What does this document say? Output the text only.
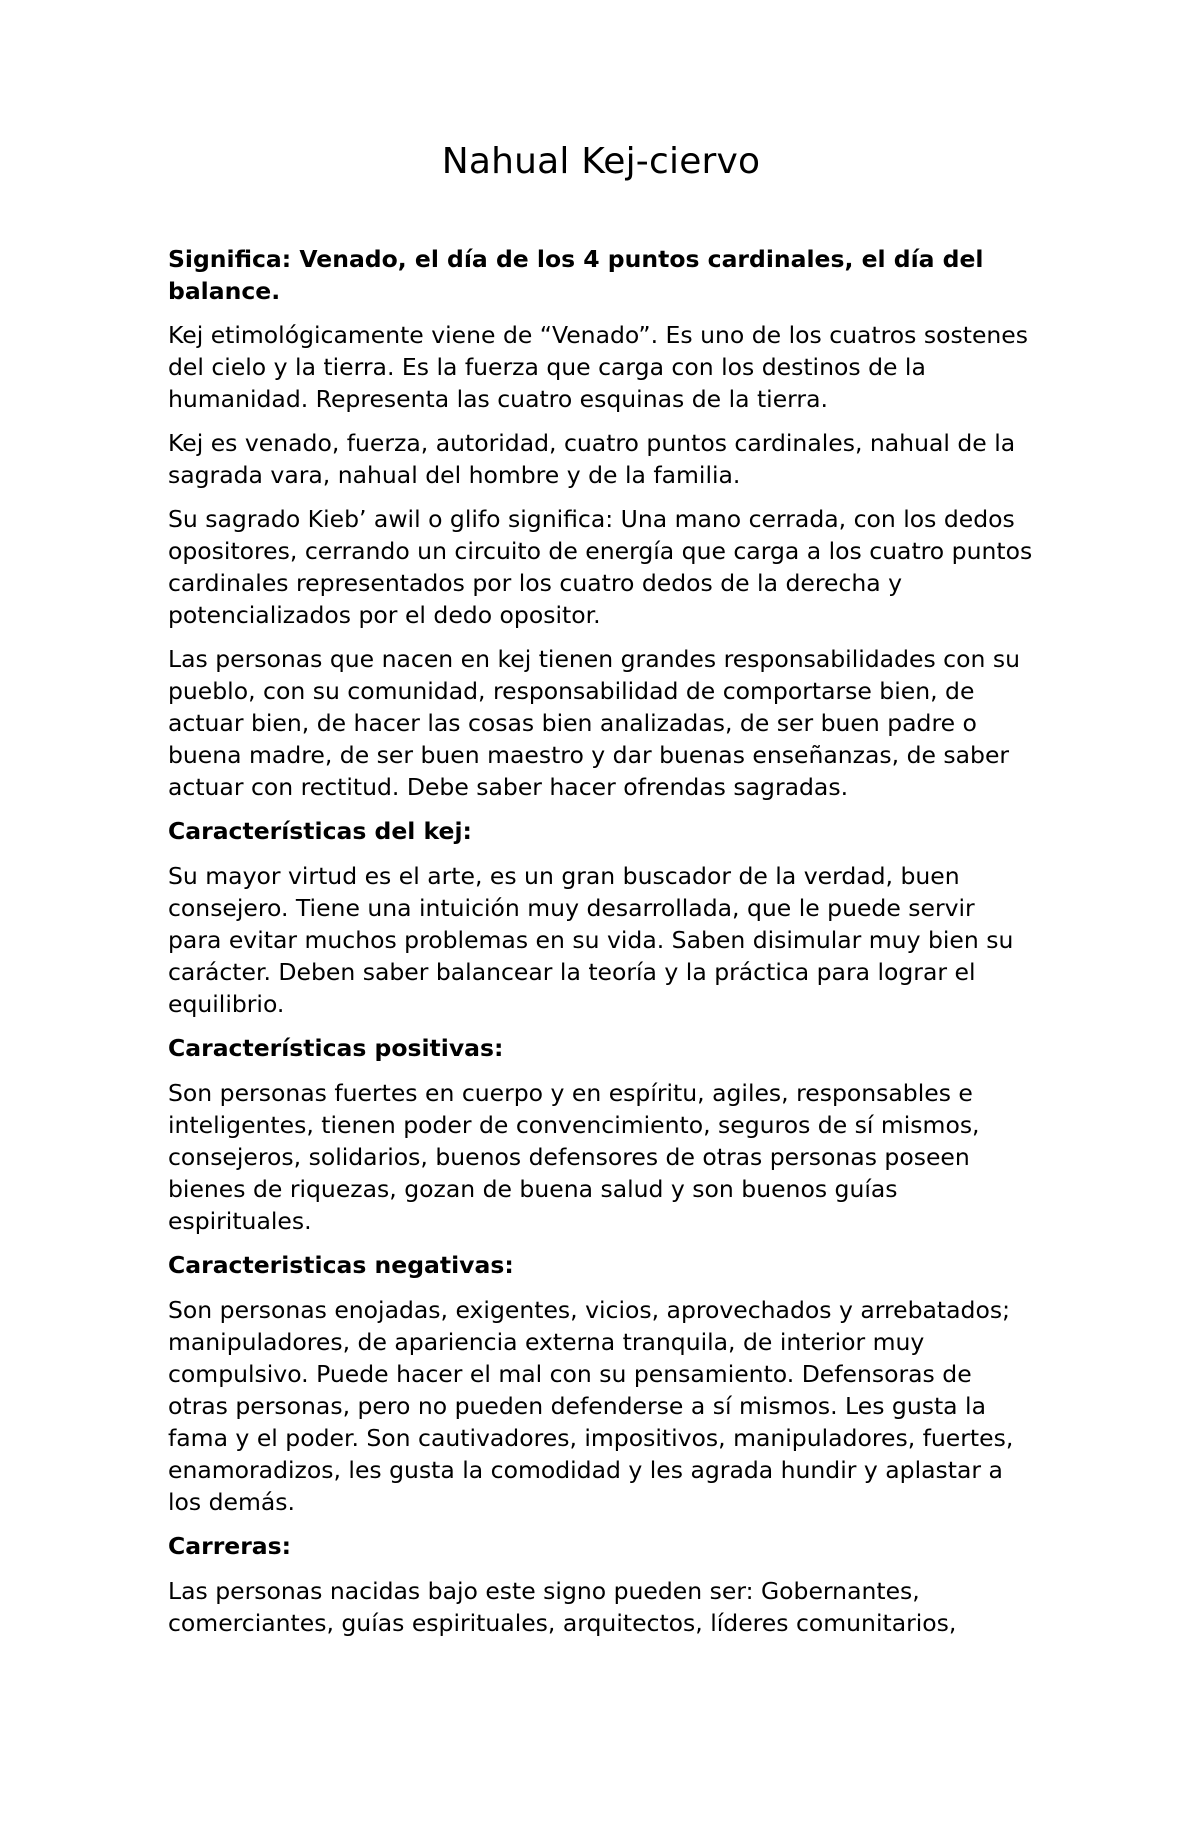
Nahual Kej-ciervo

Significa: Venado, el día de los 4 puntos cardinales, el día del balance.

Kej etimológicamente viene de “Venado”. Es uno de los cuatros sostenes del cielo y la tierra. Es la fuerza que carga con los destinos de la humanidad. Representa las cuatro esquinas de la tierra.

Kej es venado, fuerza, autoridad, cuatro puntos cardinales, nahual de la sagrada vara, nahual del hombre y de la familia.

Su sagrado Kieb’ awil o glifo significa: Una mano cerrada, con los dedos opositores, cerrando un circuito de energía que carga a los cuatro puntos cardinales representados por los cuatro dedos de la derecha y potencializados por el dedo opositor.

Las personas que nacen en kej tienen grandes responsabilidades con su pueblo, con su comunidad, responsabilidad de comportarse bien, de actuar bien, de hacer las cosas bien analizadas, de ser buen padre o buena madre, de ser buen maestro y dar buenas enseñanzas, de saber actuar con rectitud. Debe saber hacer ofrendas sagradas.

Características del kej:

Su mayor virtud es el arte, es un gran buscador de la verdad, buen consejero. Tiene una intuición muy desarrollada, que le puede servir para evitar muchos problemas en su vida. Saben disimular muy bien su carácter. Deben saber balancear la teoría y la práctica para lograr el equilibrio.

Características positivas:

Son personas fuertes en cuerpo y en espíritu, agiles, responsables e inteligentes, tienen poder de convencimiento, seguros de sí mismos, consejeros, solidarios, buenos defensores de otras personas poseen bienes de riquezas, gozan de buena salud y son buenos guías espirituales.

Caracteristicas negativas:

Son personas enojadas, exigentes, vicios, aprovechados y arrebatados; manipuladores, de apariencia externa tranquila, de interior muy compulsivo. Puede hacer el mal con su pensamiento. Defensoras de otras personas, pero no pueden defenderse a sí mismos. Les gusta la fama y el poder. Son cautivadores, impositivos, manipuladores, fuertes, enamoradizos, les gusta la comodidad y les agrada hundir y aplastar a los demás.

Carreras:

Las personas nacidas bajo este signo pueden ser: Gobernantes, comerciantes, guías espirituales, arquitectos, líderes comunitarios,
